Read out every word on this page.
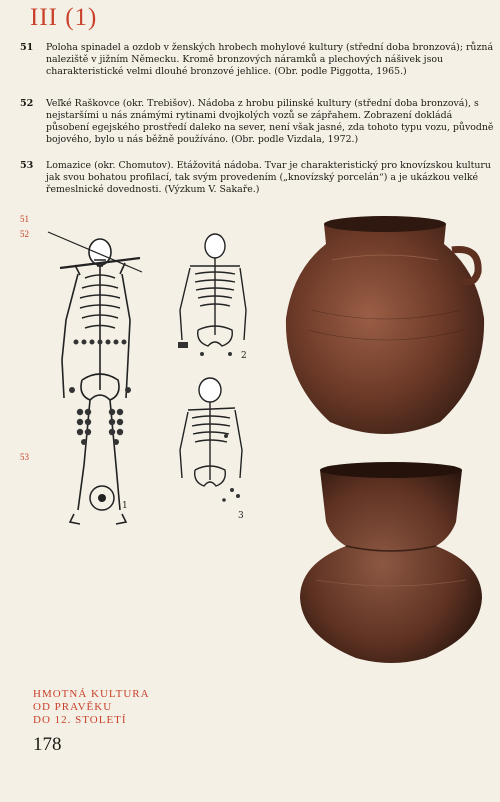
III (1)
51	Poloha spinadel a ozdob v ženských hrobech mohylové kultury (střední doba bronzová); různá naleziště v jižním Německu. Kromě bronzových náramků a plechových nášivek jsou charakteristické velmi dlouhé bronzové jehlice. (Obr. podle Piggotta, 1965.)
52	Veľké Raškovce (okr. Trebišov). Nádoba z hrobu pilinské kultury (střední doba bronzová), s nejstaršími u nás známými rytinami dvojkolých vozů se zápřahem. Zobrazení dokládá působení egejského prostředí daleko na sever, není však jasné, zda tohoto typu vozu, původně bojového, bylo u nás běžně používáno. (Obr. podle Vizdala, 1972.)
53	Lomazice (okr. Chomutov). Etážovitá nádoba. Tvar je charakteristický pro knovízskou kulturu jak svou bohatou profilací, tak svým provedením („knovízský porcelán“) a je ukázkou velké řemeslnické dovednosti. (Výzkum V. Sakaře.)
51
52
53
2
3
1
HMOTNÁ KULTURA
OD PRAVĚKU
DO 12. STOLETÍ
178
